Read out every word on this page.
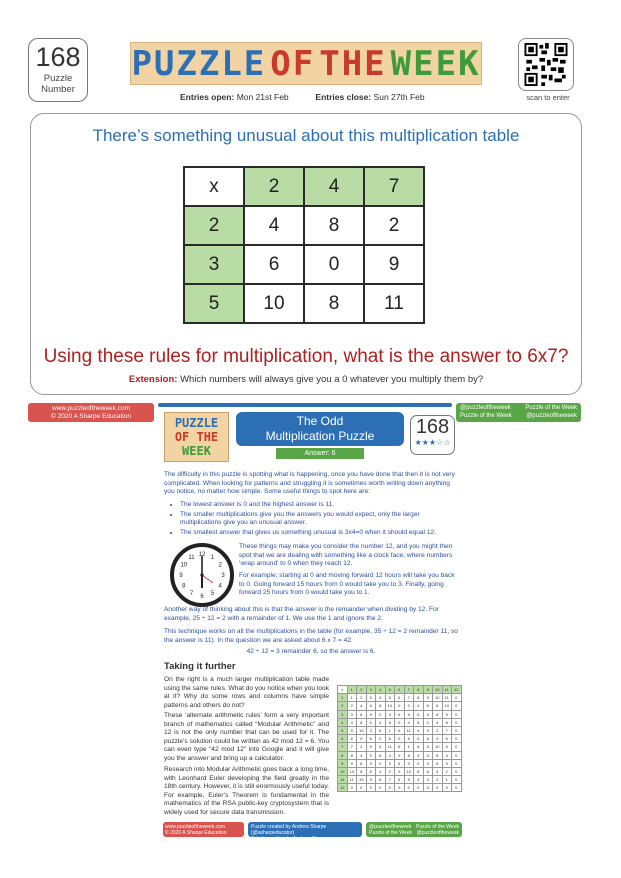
168
Puzzle
Number
PUZZLE OF THE WEEK
Entries open: Mon 21st Feb	Entries close: Sun 27th Feb	scan to enter
There’s something unusual about this multiplication table
x	2	4	7
2	4	8	2
3	6	0	9
5	10	8	11
Using these rules for multiplication, what is the answer to 6x7?
Extension: Which numbers will always give you a 0 whatever you multiply them by?
www.puzzleoftheweek.com
© 2020 A Sharpe Education
@puzzleoftheweek Puzzle of the Week
Puzzle of the Week @puzzleoftheweek
PUZZLE
OF THE
WEEK
The Odd
Multiplication Puzzle
Answer: 6
168
★★★☆☆
The difficulty in this puzzle is spotting what is happening, once you have done that then it is not very complicated. When looking for patterns and struggling it is sometimes worth writing down anything you notice, no matter how simple. Some useful things to spot here are:
• The lowest answer is 0 and the highest answer is 11.
• The smaller multiplications give you the answers you would expect, only the larger multiplications give you an unusual answer.
• The smallest answer that gives us something unusual is 3x4=0 when it should equal 12.
12 1
2
3
4
5
6
7
8
9
10
11
These things may make you consider the number 12, and you might then spot that we are dealing with something like a clock face, where numbers ‘wrap around’ to 0 when they reach 12.
For example, starting at 0 and moving forward 12 hours will take you back to 0. Going forward 15 hours from 0 would take you to 3. Finally, going forward 25 hours from 0 would take you to 1.
Another way of thinking about this is that the answer is the remainder when dividing by 12. For example, 25 ÷ 12 = 2 with a remainder of 1. We use the 1 and ignore the 2.
This technique works on all the multiplications in the table (for example, 35 ÷ 12 = 2 remainder 11, so the answer is 11). In the question we are asked about 6 x 7 = 42.
42 ÷ 12 = 3 remainder 6, so the answer is 6.
Taking it further
On the right is a much larger multiplication table made using the same rules. What do you notice when you look at it? Why do some rows and columns have simple patterns and others do not?
These ‘alternate arithmetic rules’ form a very important branch of mathematics called “Modular Arithmetic” and 12 is not the only number that can be used for it. The puzzle’s solution could be written as 42 mod 12 = 6. You can even type “42 mod 12” into Google and it will give you the answer and bring up a calculator.
Research into Modular Arithmetic goes back a long time, with Leonhard Euler developing the field greatly in the 18th century. However, it is still enormously useful today. For example, Euler’s Theorem is fundamental in the mathematics of the RSA public-key cryptosystem that is widely used for secure data transmission.
x	1	2	3	4	5	6	7	8	9	10	11	12
1	1	2	3	4	5	6	7	8	9	10	11	0
2	2	4	6	8	10	0	2	4	6	8	10	0
3	3	6	9	0	3	6	9	0	3	6	9	0
4	4	8	0	4	8	0	4	8	0	4	8	0
5	5	10	3	8	1	6	11	4	9	2	7	0
6	6	0	6	0	6	0	6	0	6	0	6	0
7	7	2	9	4	11	6	1	8	3	10	5	0
8	8	4	0	8	4	0	8	4	0	8	4	0
9	9	6	3	0	9	6	3	0	9	6	3	0
10	10	8	6	4	2	0	10	8	6	4	2	0
11	11	10	9	8	7	6	5	4	3	2	1	0
12	0	0	0	0	0	0	0	0	0	0	0	0
www.puzzleoftheweek.com
© 2020 A Sharpe Education
Puzzle created by Andrew Sharpe (@asharpeducator)
Solution written by Andrew Sharpe (@asharpeducator)
@puzzleoftheweek Puzzle of the Week
Puzzle of the Week @puzzleoftheweek
